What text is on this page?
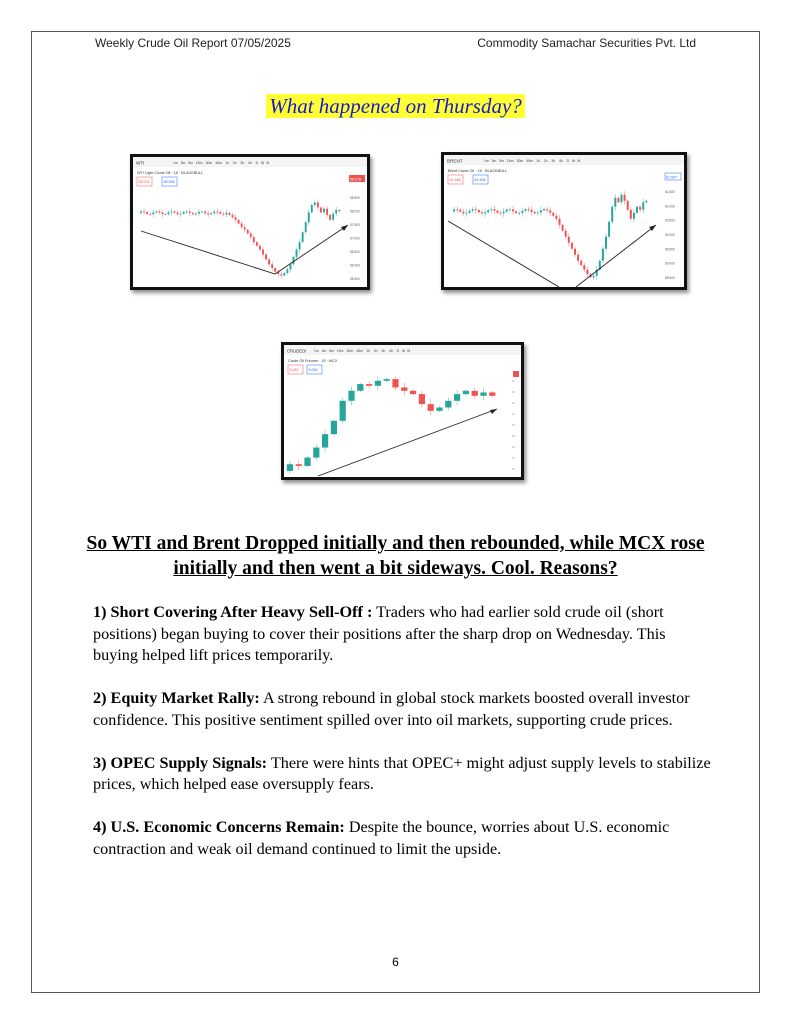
Weekly Crude Oil Report 07/05/2025	Commodity Samachar Securities Pvt. Ltd
What happened on Thursday?
WTI	1m 3m 5m 15m 30m 45m 1h 2h 3h 4h D W M
WTI Light Crude Oil · 15 · BLACKBULL
58.578	58.595
58.578
58.500
58.000
57.500
57.000
56.500
56.000
55.500
BRENT	1m 3m 5m 15m 30m 45m 1h 2h 3h 4h D W M
Brent Crude Oil · 15 · BLACKBULL
61.488	61.508
61.507
61.500
61.000
60.500
60.000
59.500
59.000
58.500
CRUDEOI 1m 3m 5m 15m 30m 45m 1h 2h 3h 4h D W M
Crude Oil Futures · 15 · MCX
5,052	5,059
So WTI and Brent Dropped initially and then rebounded, while MCX rose initially and then went a bit sideways. Cool. Reasons?

1) Short Covering After Heavy Sell-Off : Traders who had earlier sold crude oil (short positions) began buying to cover their positions after the sharp drop on Wednesday. This buying helped lift prices temporarily.

2) Equity Market Rally: A strong rebound in global stock markets boosted overall investor confidence. This positive sentiment spilled over into oil markets, supporting crude prices.

3) OPEC Supply Signals: There were hints that OPEC+ might adjust supply levels to stabilize prices, which helped ease oversupply fears.

4) U.S. Economic Concerns Remain: Despite the bounce, worries about U.S. economic contraction and weak oil demand continued to limit the upside.

6
